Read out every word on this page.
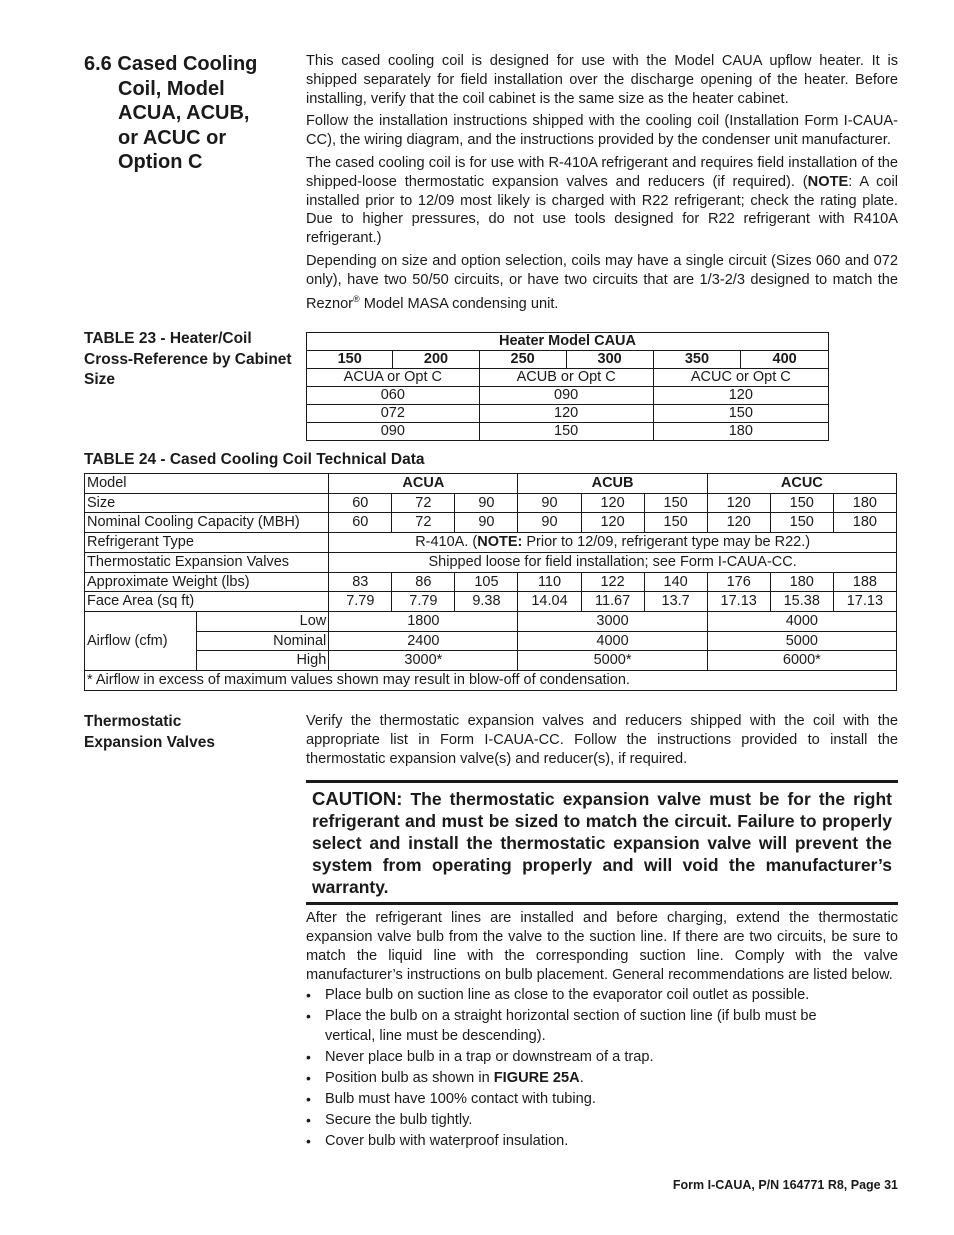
6.6 Cased Cooling
Coil, Model
ACUA, ACUB,
or ACUC or
Option C

This cased cooling coil is designed for use with the Model CAUA upflow heater. It is shipped separately for field installation over the discharge opening of the heater. Before installing, verify that the coil cabinet is the same size as the heater cabinet.

Follow the installation instructions shipped with the cooling coil (Installation Form I-CAUA-CC), the wiring diagram, and the instructions provided by the condenser unit manufacturer.

The cased cooling coil is for use with R-410A refrigerant and requires field installation of the shipped-loose thermostatic expansion valves and reducers (if required). (NOTE: A coil installed prior to 12/09 most likely is charged with R22 refrigerant; check the rating plate. Due to higher pressures, do not use tools designed for R22 refrigerant with R410A refrigerant.)

Depending on size and option selection, coils may have a single circuit (Sizes 060 and 072 only), have two 50/50 circuits, or have two circuits that are 1/3-2/3 designed to match the Reznor® Model MASA condensing unit.

TABLE 23 - Heater/Coil Cross-Reference by Cabinet Size
Heater Model CAUA					
150	200	250	300	350	400
ACUA or Opt C		ACUB or Opt C		ACUC or Opt C	
060		090		120	
072		120		150	
090		150		180	
TABLE 24 - Cased Cooling Coil Technical Data
Model		ACUA			ACUB			ACUC		
Size		60	72	90	90	120	150	120	150	180
Nominal Cooling Capacity (MBH)		60	72	90	90	120	150	120	150	180
Refrigerant Type		R-410A. (NOTE: Prior to 12/09, refrigerant type may be R22.)								
Thermostatic Expansion Valves		Shipped loose for field installation; see Form I-CAUA-CC.								
Approximate Weight (lbs)		83	86	105	110	122	140	176	180	188
Face Area (sq ft)		7.79	7.79	9.38	14.04	11.67	13.7	17.13	15.38	17.13
Airflow (cfm)	Low	1800			3000			4000		
	Nominal	2400			4000			5000		
	High	3000*			5000*			6000*		
* Airflow in excess of maximum values shown may result in blow-off of condensation.										
Thermostatic
Expansion Valves
Verify the thermostatic expansion valves and reducers shipped with the coil with the appropriate list in Form I-CAUA-CC. Follow the instructions provided to install the thermostatic expansion valve(s) and reducer(s), if required.
CAUTION: The thermostatic expansion valve must be for the right refrigerant and must be sized to match the circuit. Failure to properly select and install the thermostatic expansion valve will prevent the system from operating properly and will void the manufacturer’s warranty.
After the refrigerant lines are installed and before charging, extend the thermostatic expansion valve bulb from the valve to the suction line. If there are two circuits, be sure to match the liquid line with the corresponding suction line. Comply with the valve manufacturer’s instructions on bulb placement. General recommendations are listed below.
• Place bulb on suction line as close to the evaporator coil outlet as possible.
• Place the bulb on a straight horizontal section of suction line (if bulb must be vertical, line must be descending).
• Never place bulb in a trap or downstream of a trap.
• Position bulb as shown in FIGURE 25A.
• Bulb must have 100% contact with tubing.
• Secure the bulb tightly.
• Cover bulb with waterproof insulation.
Form I-CAUA, P/N 164771 R8, Page 31
